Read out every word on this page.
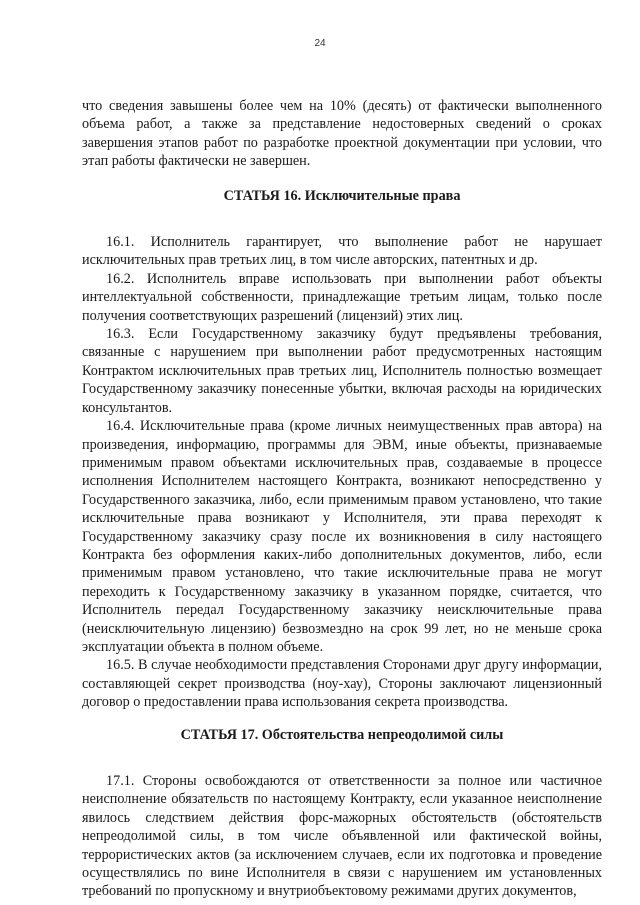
24

что сведения завышены более чем на 10% (десять) от фактически выполненного объема работ, а также за представление недостоверных сведений о сроках завершения этапов работ по разработке проектной документации при условии, что этап работы фактически не завершен.

СТАТЬЯ 16. Исключительные права

16.1. Исполнитель гарантирует, что выполнение работ не нарушает исключительных прав третьих лиц, в том числе авторских, патентных и др.

16.2. Исполнитель вправе использовать при выполнении работ объекты интеллектуальной собственности, принадлежащие третьим лицам, только после получения соответствующих разрешений (лицензий) этих лиц.

16.3. Если Государственному заказчику будут предъявлены требования, связанные с нарушением при выполнении работ предусмотренных настоящим Контрактом исключительных прав третьих лиц, Исполнитель полностью возмещает Государственному заказчику понесенные убытки, включая расходы на юридических консультантов.

16.4. Исключительные права (кроме личных неимущественных прав автора) на произведения, информацию, программы для ЭВМ, иные объекты, признаваемые применимым правом объектами исключительных прав, создаваемые в процессе исполнения Исполнителем настоящего Контракта, возникают непосредственно у Государственного заказчика, либо, если применимым правом установлено, что такие исключительные права возникают у Исполнителя, эти права переходят к Государственному заказчику сразу после их возникновения в силу настоящего Контракта без оформления каких-либо дополнительных документов, либо, если применимым правом установлено, что такие исключительные права не могут переходить к Государственному заказчику в указанном порядке, считается, что Исполнитель передал Государственному заказчику неисключительные права (неисключительную лицензию) безвозмездно на срок 99 лет, но не меньше срока эксплуатации объекта в полном объеме.

16.5. В случае необходимости представления Сторонами друг другу информации, составляющей секрет производства (ноу-хау), Стороны заключают лицензионный договор о предоставлении права использования секрета производства.

СТАТЬЯ 17. Обстоятельства непреодолимой силы

17.1. Стороны освобождаются от ответственности за полное или частичное неисполнение обязательств по настоящему Контракту, если указанное неисполнение явилось следствием действия форс-мажорных обстоятельств (обстоятельств непреодолимой силы, в том числе объявленной или фактической войны, террористических актов (за исключением случаев, если их подготовка и проведение осуществлялись по вине Исполнителя в связи с нарушением им установленных требований по пропускному и внутриобъектовому режимами других документов,
